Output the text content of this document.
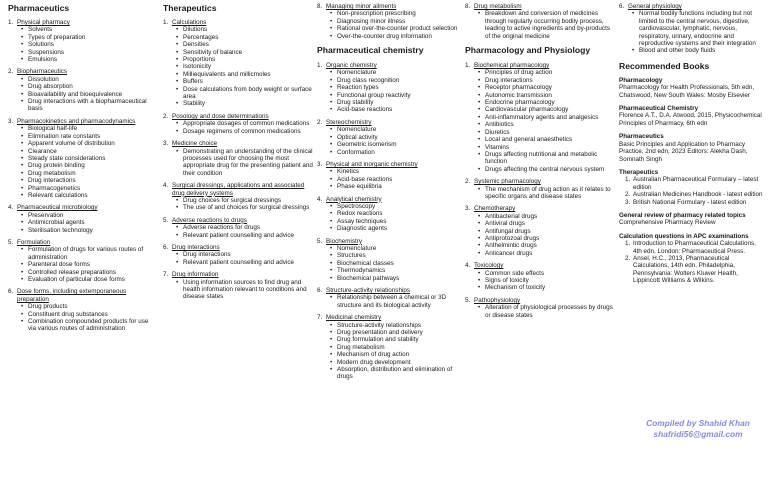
Pharmaceutics
1. Physical pharmacy
• Solvents
• Types of preparation
• Solutions
• Suspensions
• Emulsions
2. Biopharmaceutics
• Dissolution
• Drug absorption
• Bioavailability and bioequivalence
• Drug interactions with a biopharmaceutical basis
3. Pharmacokinetics and pharmacodynamics
• Biological half-life
• Elimination rate constants
• Apparent volume of distribution
• Clearance
• Steady state considerations
• Drug protein binding
• Drug metabolism
• Drug interactions
• Pharmacogenetics
• Relevant calculations
4. Pharmaceutical microbiology
• Preservation
• Antimicrobial agents
• Sterilisation technology
5. Formulation
• Formulation of drugs for various routes of administration
• Parenteral dose forms
• Controlled release preparations
• Evaluation of particular dose forms
6. Dose forms, including extemporaneous preparation
• Drug products
• Constituent drug substances
• Combination compounded products for use via various routes of administration
Therapeutics
1. Calculations
• Dilutions
• Percentages
• Densities
• Sensitivity of balance
• Proportions
• Isotonicity
• Milliequivalents and millicmoles
• Buffers
• Dose calculations from body weight or surface area
• Stability
2. Posology and dose determinations
• Appropriate dosages of common medications
• Dosage regimens of common medications
3. Medicine choice
• Demonstrating an understanding of the clinical processes used for choosing the most appropriate drug for the presenting patient and their condition
4. Surgical dressings, applications and associated drug delivery systems
• Drug choices for surgical dressings
• The use of and choices for surgical dressings
5. Adverse reactions to drugs
• Adverse reactions for drugs
• Relevant patient counselling and advice
6. Drug interactions
• Drug interactions
• Relevant patient counselling and advice
7. Drug information
• Using information sources to find drug and health information relevant to conditions and disease states
8. Managing minor ailments
• Non-prescription prescribing
• Diagnosing minor illness
• Rational over-the-counter product selection
• Over-the-counter drug information
Pharmaceutical chemistry
1. Organic chemistry
• Nomenclature
• Drug class recognition
• Reaction types
• Functional group reactivity
• Drug stability
• Acid-base reactions
2. Stereochemistry
• Nomenclature
• Optical activity
• Geometric isomerism
• Conformation
3. Physical and inorganic chemistry
• Kinetics
• Acid-base reactions
• Phase equilibria
4. Analytical chemistry
• Spectroscopy
• Redox reactions
• Assay techniques
• Diagnostic agents
5. Biochemistry
• Nomenclature
• Structures
• Biochemical classes
• Thermodynamics
• Biochemical pathways
6. Structure-activity relationships
• Relationship between a chemical or 3D structure and its biological activity
7. Medicinal chemistry
• Structure-activity relationships
• Drug presentation and delivery
• Drug formulation and stability
• Drug metabolism
• Mechanism of drug action
• Modern drug development
• Absorption, distribution and elimination of drugs
8. Drug metabolism
• Breakdown and conversion of medicines through regularly occurring bodily process, leading to active ingredients and by-products of the original medicine
Pharmacology and Physiology
1. Biochemical pharmacology
• Principles of drug action
• Drug interactions
• Receptor pharmacology
• Autonomic transmission
• Endocrine pharmacology
• Cardiovascular pharmacology
• Anti-inflammatory agents and analgesics
• Antibiotics
• Diuretics
• Local and general anaesthetics
• Vitamins
• Drugs affecting nutritional and metabolic function
• Drugs affecting the central nervous system
2. Systemic pharmacology
• The mechanism of drug action as it relates to specific organs and disease states
3. Chemotherapy
• Antibacterial drugs
• Antiviral drugs
• Antifungal drugs
• Antiprotozoal drugs
• Anthelmintic drugs
• Anticancer drugs
4. Toxicology
• Common side effects
• Signs of toxicity
• Mechanism of toxicity
5. Pathophysiology
• Alteration of physiological processes by drugs or disease states
6. General physiology
• Normal bodily functions including but not limited to the central nervous, digestive, cardiovascular, lymphatic, nervous, respiratory, urinary, endocrine and reproductive systems and their integration
• Blood and other body fluids
Recommended Books
Pharmacology
Pharmacology for Health Professionals, 5th edn, Chatswood, New South Wales: Mosby Elsevier
Pharmaceutical Chemistry
Florence A.T., D.A. Atwood, 2015, Physicochemical Principles of Pharmacy, 6th edn
Pharmaceutics
Basic Principles and Application to Pharmacy Practice, 2nd edn, 2023 Editors: Alekha Dash, Somnath Singh
Therapeutics
1. Australian Pharmaceutical Formulary – latest edition
2. Australian Medicines Handbook - latest edition
3. British National Formulary - latest edition
General review of pharmacy related topics
Comprehensive Pharmacy Review
Calculation questions in APC examinations
1. Introduction to Pharmaceutical Calculations, 4th edn, London: Pharmaceutical Press.
2. Ansel, H.C., 2013, Pharmaceutical Calculations, 14th edn, Philadelphia, Pennsylvania: Wolters Kluwer Health, Lippincott Williams & Wilkins.
Compiled by Shahid Khan
shafridi56@gmail.com
